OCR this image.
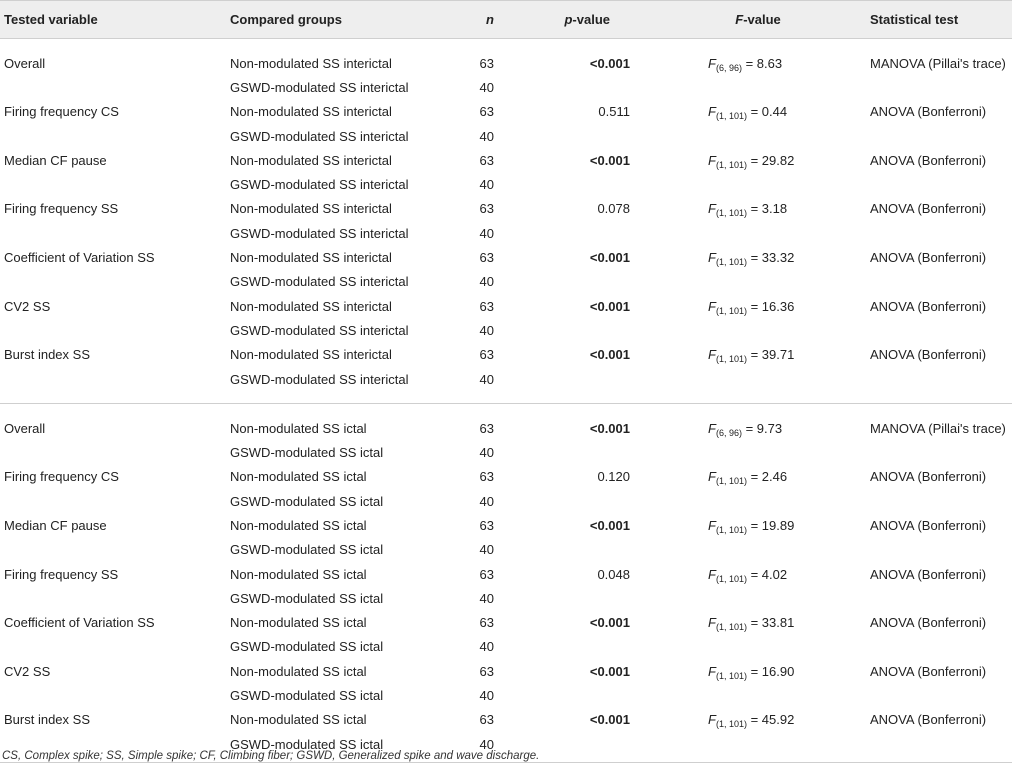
Tested variable	Compared groups	n	p-value	F-value	Statistical test

Overall	Non-modulated SS interictal	63	<0.001	$F_{(6, 96)} = 8.63$	MANOVA (Pillai's trace)
	GSWD-modulated SS interictal	40			
Firing frequency CS	Non-modulated SS interictal	63	0.511	$F_{(1, 101)} = 0.44$	ANOVA (Bonferroni)
	GSWD-modulated SS interictal	40			
Median CF pause	Non-modulated SS interictal	63	<0.001	$F_{(1, 101)} = 29.82$	ANOVA (Bonferroni)
	GSWD-modulated SS interictal	40			
Firing frequency SS	Non-modulated SS interictal	63	0.078	$F_{(1, 101)} = 3.18$	ANOVA (Bonferroni)
	GSWD-modulated SS interictal	40			
Coefficient of Variation SS	Non-modulated SS interictal	63	<0.001	$F_{(1, 101)} = 33.32$	ANOVA (Bonferroni)
	GSWD-modulated SS interictal	40			
CV2 SS	Non-modulated SS interictal	63	<0.001	$F_{(1, 101)} = 16.36$	ANOVA (Bonferroni)
	GSWD-modulated SS interictal	40			
Burst index SS	Non-modulated SS interictal	63	<0.001	$F_{(1, 101)} = 39.71$	ANOVA (Bonferroni)
	GSWD-modulated SS interictal	40			

Overall	Non-modulated SS ictal	63	<0.001	$F_{(6, 96)} = 9.73$	MANOVA (Pillai's trace)
	GSWD-modulated SS ictal	40			
Firing frequency CS	Non-modulated SS ictal	63	0.120	$F_{(1, 101)} = 2.46$	ANOVA (Bonferroni)
	GSWD-modulated SS ictal	40			
Median CF pause	Non-modulated SS ictal	63	<0.001	$F_{(1, 101)} = 19.89$	ANOVA (Bonferroni)
	GSWD-modulated SS ictal	40			
Firing frequency SS	Non-modulated SS ictal	63	0.048	$F_{(1, 101)} = 4.02$	ANOVA (Bonferroni)
	GSWD-modulated SS ictal	40			
Coefficient of Variation SS	Non-modulated SS ictal	63	<0.001	$F_{(1, 101)} = 33.81$	ANOVA (Bonferroni)
	GSWD-modulated SS ictal	40			
CV2 SS	Non-modulated SS ictal	63	<0.001	$F_{(1, 101)} = 16.90$	ANOVA (Bonferroni)
	GSWD-modulated SS ictal	40			
Burst index SS	Non-modulated SS ictal	63	<0.001	$F_{(1, 101)} = 45.92$	ANOVA (Bonferroni)
	GSWD-modulated SS ictal	40			

CS, Complex spike; SS, Simple spike; CF, Climbing fiber; GSWD, Generalized spike and wave discharge.
